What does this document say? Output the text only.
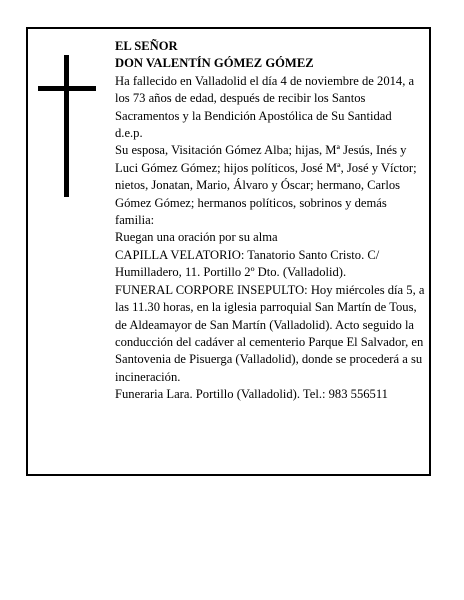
EL SEÑOR

DON VALENTÍN GÓMEZ GÓMEZ

Ha fallecido en Valladolid el día 4 de noviembre de 2014, a los 73 años de edad, después de recibir los Santos Sacramentos y la Bendición Apostólica de Su Santidad

d.e.p.

Su esposa, Visitación Gómez Alba; hijas, Mª Jesús, Inés y Luci Gómez Gómez; hijos políticos, José Mª, José y Víctor; nietos, Jonatan, Mario, Álvaro y Óscar; hermano, Carlos Gómez Gómez; hermanos políticos, sobrinos y demás familia:

Ruegan una oración por su alma

CAPILLA VELATORIO: Tanatorio Santo Cristo. C/ Humilladero, 11. Portillo 2º Dto. (Valladolid).

FUNERAL CORPORE INSEPULTO: Hoy miércoles día 5, a las 11.30 horas, en la iglesia parroquial San Martín de Tous, de Aldeamayor de San Martín (Valladolid). Acto seguido la conducción del cadáver al cementerio Parque El Salvador, en Santovenia de Pisuerga (Valladolid), donde se procederá a su incineración.

Funeraria Lara. Portillo (Valladolid). Tel.: 983 556511
